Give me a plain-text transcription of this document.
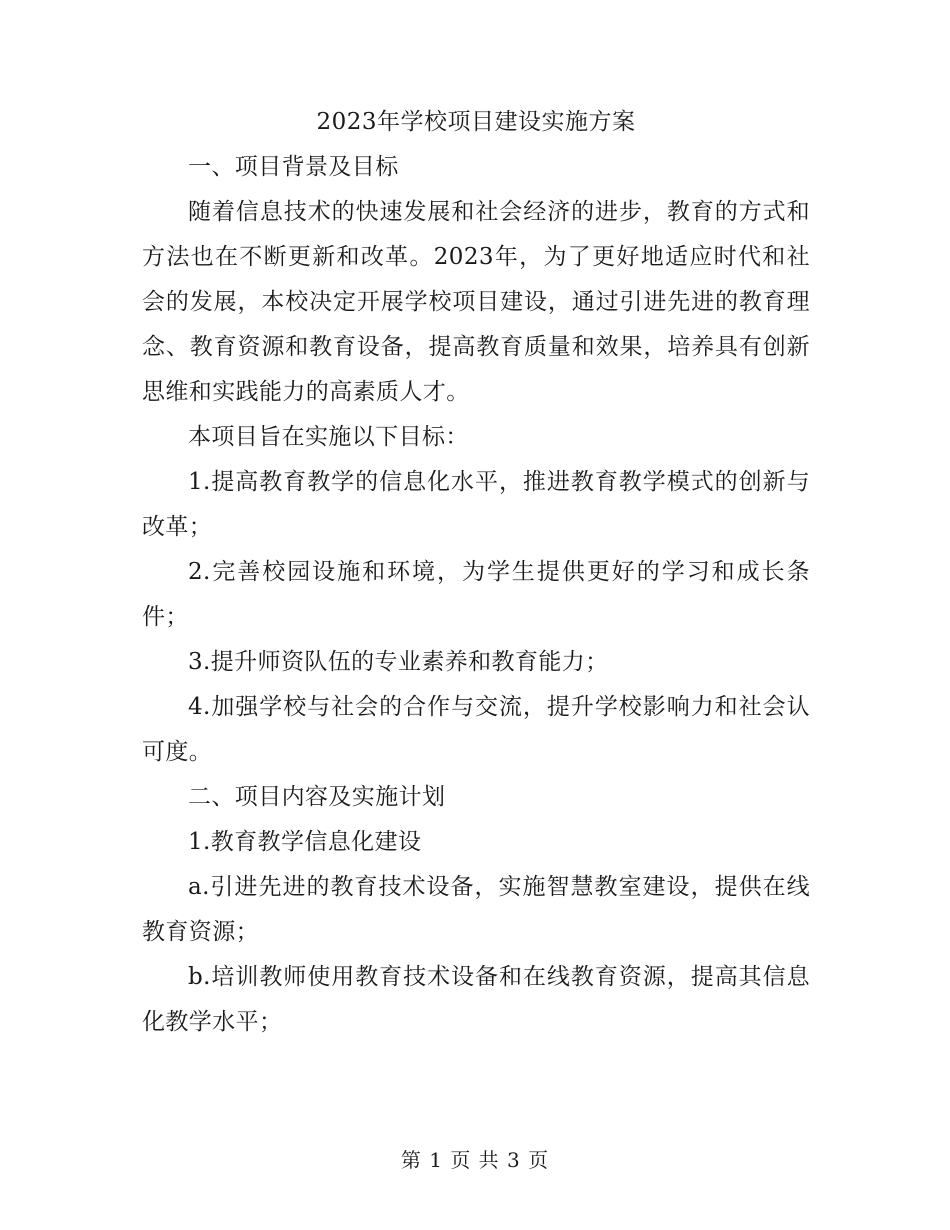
2023年学校项目建设实施方案

一、项目背景及目标

随着信息技术的快速发展和社会经济的进步，教育的方式和方法也在不断更新和改革。2023年，为了更好地适应时代和社会的发展，本校决定开展学校项目建设，通过引进先进的教育理念、教育资源和教育设备，提高教育质量和效果，培养具有创新思维和实践能力的高素质人才。

本项目旨在实施以下目标：

1.提高教育教学的信息化水平，推进教育教学模式的创新与改革；

2.完善校园设施和环境，为学生提供更好的学习和成长条件；

3.提升师资队伍的专业素养和教育能力；

4.加强学校与社会的合作与交流，提升学校影响力和社会认可度。

二、项目内容及实施计划

1.教育教学信息化建设

a.引进先进的教育技术设备，实施智慧教室建设，提供在线教育资源；

b.培训教师使用教育技术设备和在线教育资源，提高其信息化教学水平；

第 1 页 共 3 页
